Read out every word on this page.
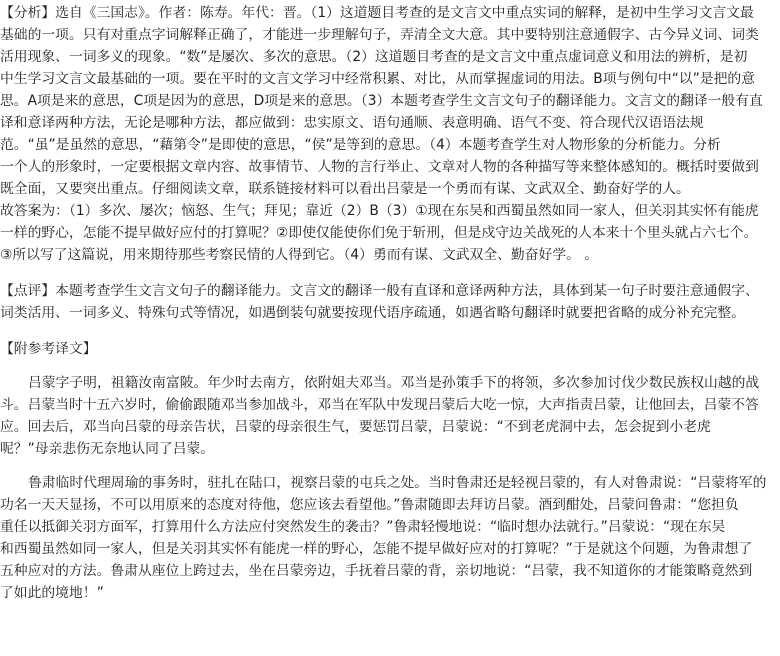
【分析】选自《三国志》。作者：陈寿。年代：晋。（1）这道题目考查的是文言文中重点实词的解释，是初中生学习文言文最
基础的一项。只有对重点字词解释正确了，才能进一步理解句子，弄清全文大意。其中要特别注意通假字、古今异义词、词类
活用现象、一词多义的现象。“数”是屡次、多次的意思。（2）这道题目考查的是文言文中重点虚词意义和用法的辨析，是初
中生学习文言文最基础的一项。要在平时的文言文学习中经常积累、对比，从而掌握虚词的用法。B项与例句中“以”是把的意
思。A项是来的意思，C项是因为的意思，D项是来的意思。（3）本题考查学生文言文句子的翻译能力。文言文的翻译一般有直
译和意译两种方法，无论是哪种方法，都应做到：忠实原文、语句通顺、表意明确、语气不变、符合现代汉语语法规
范。“虽”是虽然的意思，“藉第令”是即使的意思，“侯”是等到的意思。（4）本题考查学生对人物形象的分析能力。分析
一个人的形象时，一定要根据文章内容、故事情节、人物的言行举止、文章对人物的各种描写等来整体感知的。概括时要做到
既全面，又要突出重点。仔细阅读文章，联系链接材料可以看出吕蒙是一个勇而有谋、文武双全、勤奋好学的人。
故答案为：（1）多次、屡次；恼怒、生气；拜见；靠近（2）B（3）①现在东吴和西蜀虽然如同一家人，但关羽其实怀有能虎
一样的野心，怎能不提早做好应付的打算呢？②即使仅能使你们免于斩刑，但是戍守边关战死的人本来十个里头就占六七个。
③所以写了这篇说，用来期待那些考察民情的人得到它。（4）勇而有谋、文武双全、勤奋好学。 。
【点评】本题考查学生文言文句子的翻译能力。文言文的翻译一般有直译和意译两种方法，具体到某一句子时要注意通假字、
词类活用、一词多义、特殊句式等情况，如遇倒装句就要按现代语序疏通，如遇省略句翻译时就要把省略的成分补充完整。
【附参考译文】
吕蒙字子明，祖籍汝南富陂。年少时去南方，依附姐夫邓当。邓当是孙策手下的将领，多次参加讨伐少数民族权山越的战
斗。吕蒙当时十五六岁时，偷偷跟随邓当参加战斗，邓当在军队中发现吕蒙后大吃一惊，大声指责吕蒙，让他回去，吕蒙不答
应。回去后，邓当向吕蒙的母亲告状，吕蒙的母亲很生气，要惩罚吕蒙，吕蒙说：“不到老虎洞中去，怎会捉到小老虎
呢？”母亲悲伤无奈地认同了吕蒙。
鲁肃临时代理周瑜的事务时，驻扎在陆口，视察吕蒙的屯兵之处。当时鲁肃还是轻视吕蒙的，有人对鲁肃说：“吕蒙将军的
功名一天天显扬，不可以用原来的态度对待他，您应该去看望他。”鲁肃随即去拜访吕蒙。酒到酣处，吕蒙问鲁肃：“您担负
重任以抵御关羽方面军，打算用什么方法应付突然发生的袭击？”鲁肃轻慢地说：“临时想办法就行。”吕蒙说：“现在东吴
和西蜀虽然如同一家人，但是关羽其实怀有能虎一样的野心，怎能不提早做好应对的打算呢？”于是就这个问题，为鲁肃想了
五种应对的方法。鲁肃从座位上跨过去，坐在吕蒙旁边，手抚着吕蒙的背，亲切地说：“吕蒙，我不知道你的才能策略竟然到
了如此的境地！”
